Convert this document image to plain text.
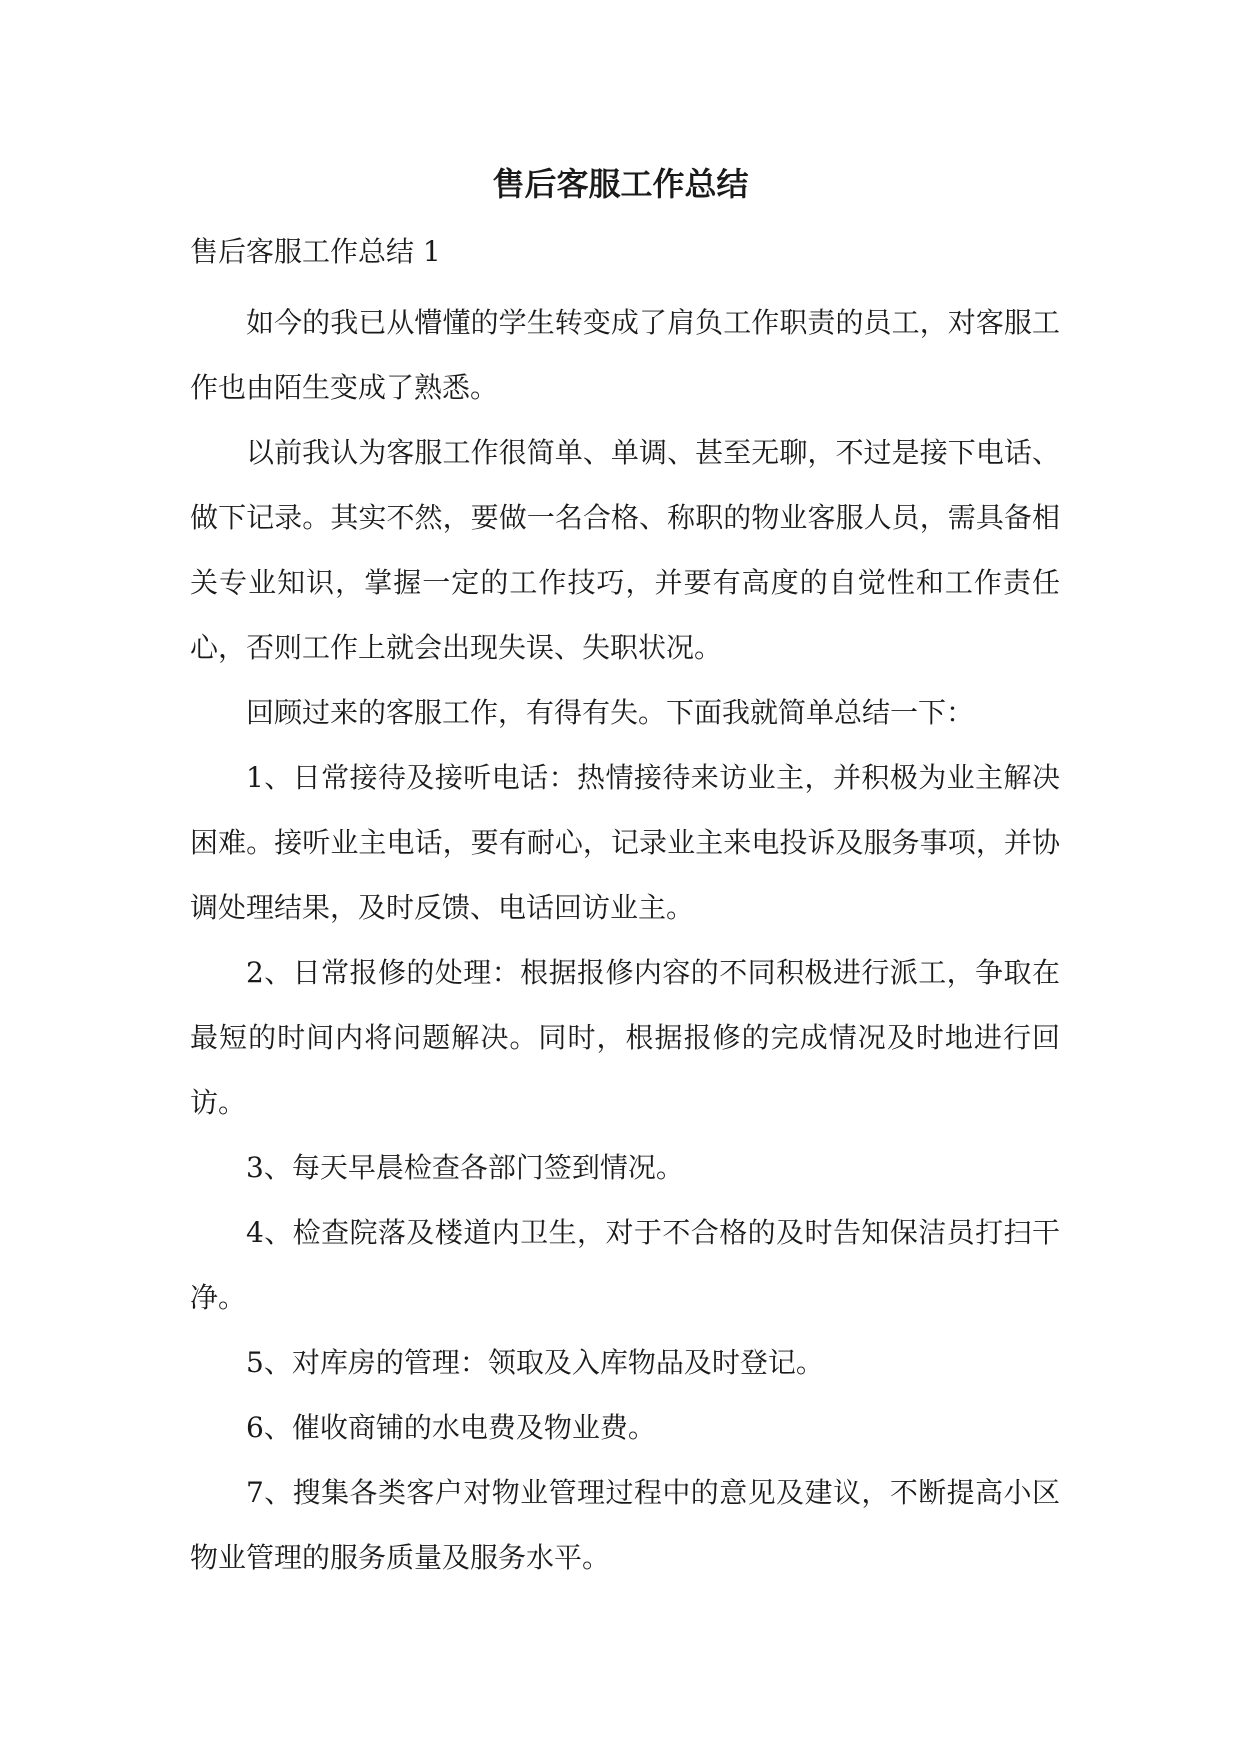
售后客服工作总结

售后客服工作总结 1

如今的我已从懵懂的学生转变成了肩负工作职责的员工，对客服工作也由陌生变成了熟悉。

以前我认为客服工作很简单、单调、甚至无聊，不过是接下电话、做下记录。其实不然，要做一名合格、称职的物业客服人员，需具备相关专业知识，掌握一定的工作技巧，并要有高度的自觉性和工作责任心，否则工作上就会出现失误、失职状况。

回顾过来的客服工作，有得有失。下面我就简单总结一下：

1、日常接待及接听电话：热情接待来访业主，并积极为业主解决困难。接听业主电话，要有耐心，记录业主来电投诉及服务事项，并协调处理结果，及时反馈、电话回访业主。

2、日常报修的处理：根据报修内容的不同积极进行派工，争取在最短的时间内将问题解决。同时，根据报修的完成情况及时地进行回访。

3、每天早晨检查各部门签到情况。

4、检查院落及楼道内卫生，对于不合格的及时告知保洁员打扫干净。

5、对库房的管理：领取及入库物品及时登记。

6、催收商铺的水电费及物业费。

7、搜集各类客户对物业管理过程中的意见及建议，不断提高小区物业管理的服务质量及服务水平。
